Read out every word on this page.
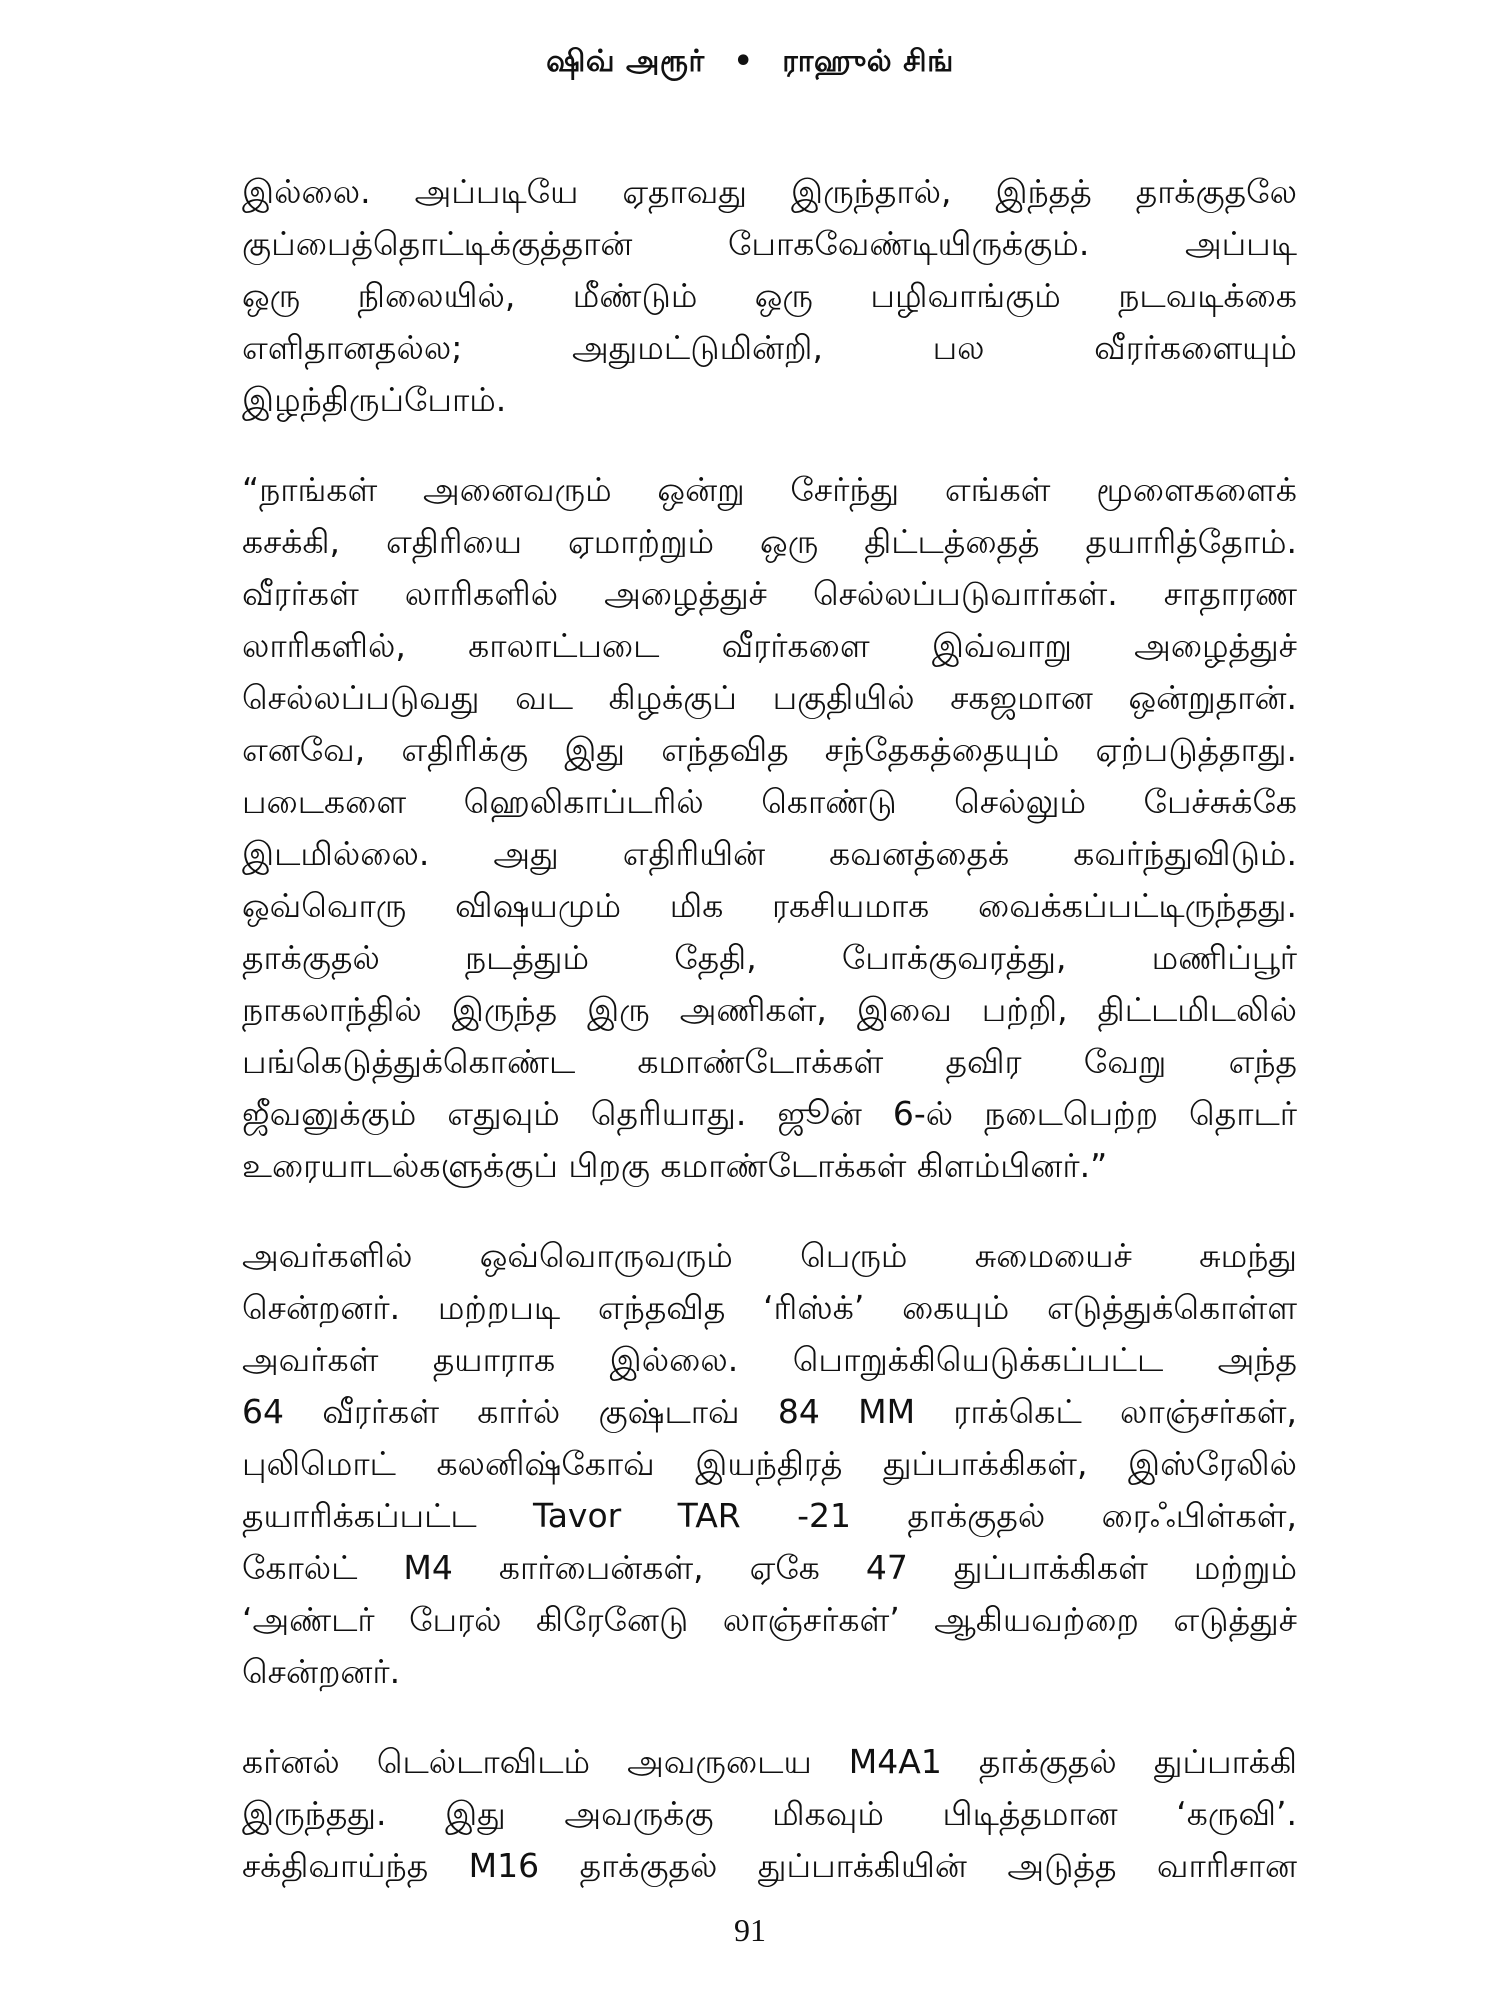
ஷிவ் அரூர் • ராஹுல் சிங்
இல்லை. அப்படியே ஏதாவது இருந்தால், இந்தத் தாக்குதலே
குப்பைத்தொட்டிக்குத்தான் போகவேண்டியிருக்கும். அப்படி
ஒரு நிலையில், மீண்டும் ஒரு பழிவாங்கும் நடவடிக்கை
எளிதானதல்ல; அதுமட்டுமின்றி, பல வீரர்களையும்
இழந்திருப்போம்.
“நாங்கள் அனைவரும் ஒன்று சேர்ந்து எங்கள் மூளைகளைக்
கசக்கி, எதிரியை ஏமாற்றும் ஒரு திட்டத்தைத் தயாரித்தோம்.
வீரர்கள் லாரிகளில் அழைத்துச் செல்லப்படுவார்கள். சாதாரண
லாரிகளில், காலாட்படை வீரர்களை இவ்வாறு அழைத்துச்
செல்லப்படுவது வட கிழக்குப் பகுதியில் சகஜமான ஒன்றுதான்.
எனவே, எதிரிக்கு இது எந்தவித சந்தேகத்தையும் ஏற்படுத்தாது.
படைகளை ஹெலிகாப்டரில் கொண்டு செல்லும் பேச்சுக்கே
இடமில்லை. அது எதிரியின் கவனத்தைக் கவர்ந்துவிடும்.
ஒவ்வொரு விஷயமும் மிக ரகசியமாக வைக்கப்பட்டிருந்தது.
தாக்குதல் நடத்தும் தேதி, போக்குவரத்து, மணிப்பூர்
நாகலாந்தில் இருந்த இரு அணிகள், இவை பற்றி, திட்டமிடலில்
பங்கெடுத்துக்கொண்ட கமாண்டோக்கள் தவிர வேறு எந்த
ஜீவனுக்கும் எதுவும் தெரியாது. ஜூன் 6-ல் நடைபெற்ற தொடர்
உரையாடல்களுக்குப் பிறகு கமாண்டோக்கள் கிளம்பினர்.”
அவர்களில் ஒவ்வொருவரும் பெரும் சுமையைச் சுமந்து
சென்றனர். மற்றபடி எந்தவித ‘ரிஸ்க்’ கையும் எடுத்துக்கொள்ள
அவர்கள் தயாராக இல்லை. பொறுக்கியெடுக்கப்பட்ட அந்த
64 வீரர்கள் கார்ல் குஷ்டாவ் 84 MM ராக்கெட் லாஞ்சர்கள்,
புலிமொட் கலனிஷ்கோவ் இயந்திரத் துப்பாக்கிகள், இஸ்ரேலில்
தயாரிக்கப்பட்ட Tavor TAR -21 தாக்குதல் ரைஃபிள்கள்,
கோல்ட் M4 கார்பைன்கள், ஏகே 47 துப்பாக்கிகள் மற்றும்
‘அண்டர் பேரல் கிரேனேடு லாஞ்சர்கள்’ ஆகியவற்றை எடுத்துச்
சென்றனர்.
கர்னல் டெல்டாவிடம் அவருடைய M4A1 தாக்குதல் துப்பாக்கி
இருந்தது. இது அவருக்கு மிகவும் பிடித்தமான ‘கருவி’.
சக்திவாய்ந்த M16 தாக்குதல் துப்பாக்கியின் அடுத்த வாரிசான
91
